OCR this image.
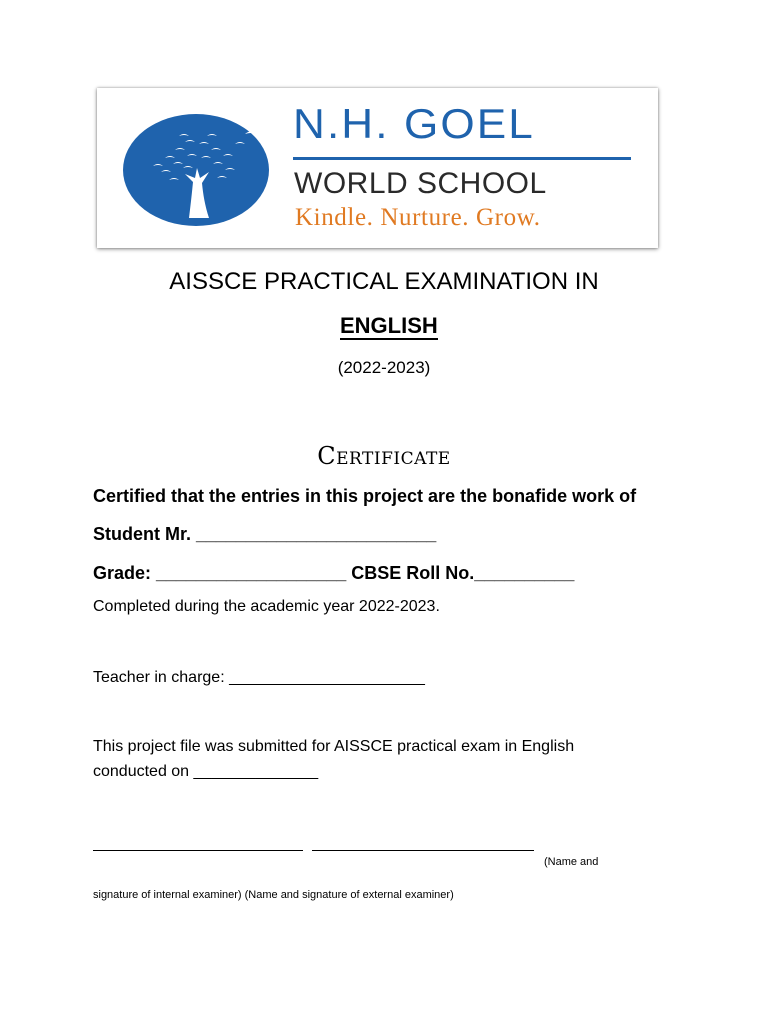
N.H. GOEL
WORLD SCHOOL
Kindle. Nurture. Grow.
AISSCE PRACTICAL EXAMINATION IN
ENGLISH
(2022-2023)
Certificate
Certified that the entries in this project are the bonafide work of
Student Mr. ________________________
Grade: ___________________ CBSE Roll No.__________
Completed during the academic year 2022-2023.
Teacher in charge: ______________________
This project file was submitted for AISSCE practical exam in English
conducted on ______________
(Name and
signature of internal examiner) (Name and signature of external examiner)
